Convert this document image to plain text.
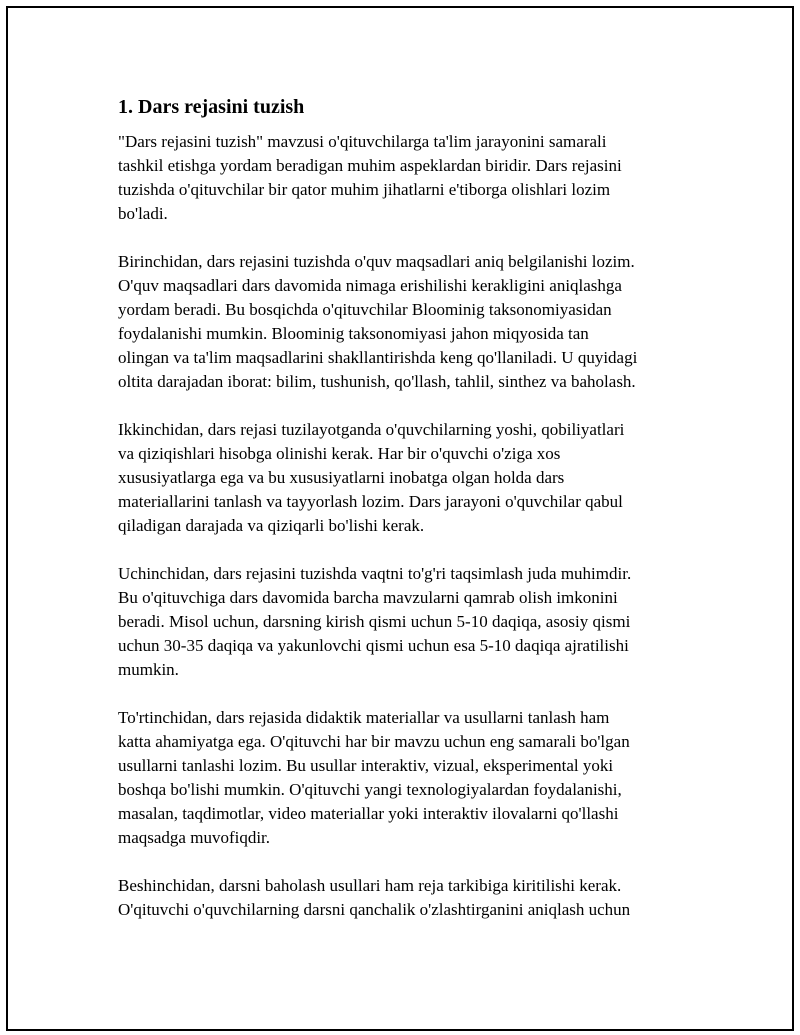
1. Dars rejasini tuzish

"Dars rejasini tuzish" mavzusi o'qituvchilarga ta'lim jarayonini samarali
tashkil etishga yordam beradigan muhim aspeklardan biridir. Dars rejasini
tuzishda o'qituvchilar bir qator muhim jihatlarni e'tiborga olishlari lozim
bo'ladi.

Birinchidan, dars rejasini tuzishda o'quv maqsadlari aniq belgilanishi lozim.
O'quv maqsadlari dars davomida nimaga erishilishi kerakligini aniqlashga
yordam beradi. Bu bosqichda o'qituvchilar Bloominig taksonomiyasidan
foydalanishi mumkin. Bloominig taksonomiyasi jahon miqyosida tan
olingan va ta'lim maqsadlarini shakllantirishda keng qo'llaniladi. U quyidagi
oltita darajadan iborat: bilim, tushunish, qo'llash, tahlil, sinthez va baholash.

Ikkinchidan, dars rejasi tuzilayotganda o'quvchilarning yoshi, qobiliyatlari
va qiziqishlari hisobga olinishi kerak. Har bir o'quvchi o'ziga xos
xususiyatlarga ega va bu xususiyatlarni inobatga olgan holda dars
materiallarini tanlash va tayyorlash lozim. Dars jarayoni o'quvchilar qabul
qiladigan darajada va qiziqarli bo'lishi kerak.

Uchinchidan, dars rejasini tuzishda vaqtni to'g'ri taqsimlash juda muhimdir.
Bu o'qituvchiga dars davomida barcha mavzularni qamrab olish imkonini
beradi. Misol uchun, darsning kirish qismi uchun 5-10 daqiqa, asosiy qismi
uchun 30-35 daqiqa va yakunlovchi qismi uchun esa 5-10 daqiqa ajratilishi
mumkin.

To'rtinchidan, dars rejasida didaktik materiallar va usullarni tanlash ham
katta ahamiyatga ega. O'qituvchi har bir mavzu uchun eng samarali bo'lgan
usullarni tanlashi lozim. Bu usullar interaktiv, vizual, eksperimental yoki
boshqa bo'lishi mumkin. O'qituvchi yangi texnologiyalardan foydalanishi,
masalan, taqdimotlar, video materiallar yoki interaktiv ilovalarni qo'llashi
maqsadga muvofiqdir.

Beshinchidan, darsni baholash usullari ham reja tarkibiga kiritilishi kerak.
O'qituvchi o'quvchilarning darsni qanchalik o'zlashtirganini aniqlash uchun
